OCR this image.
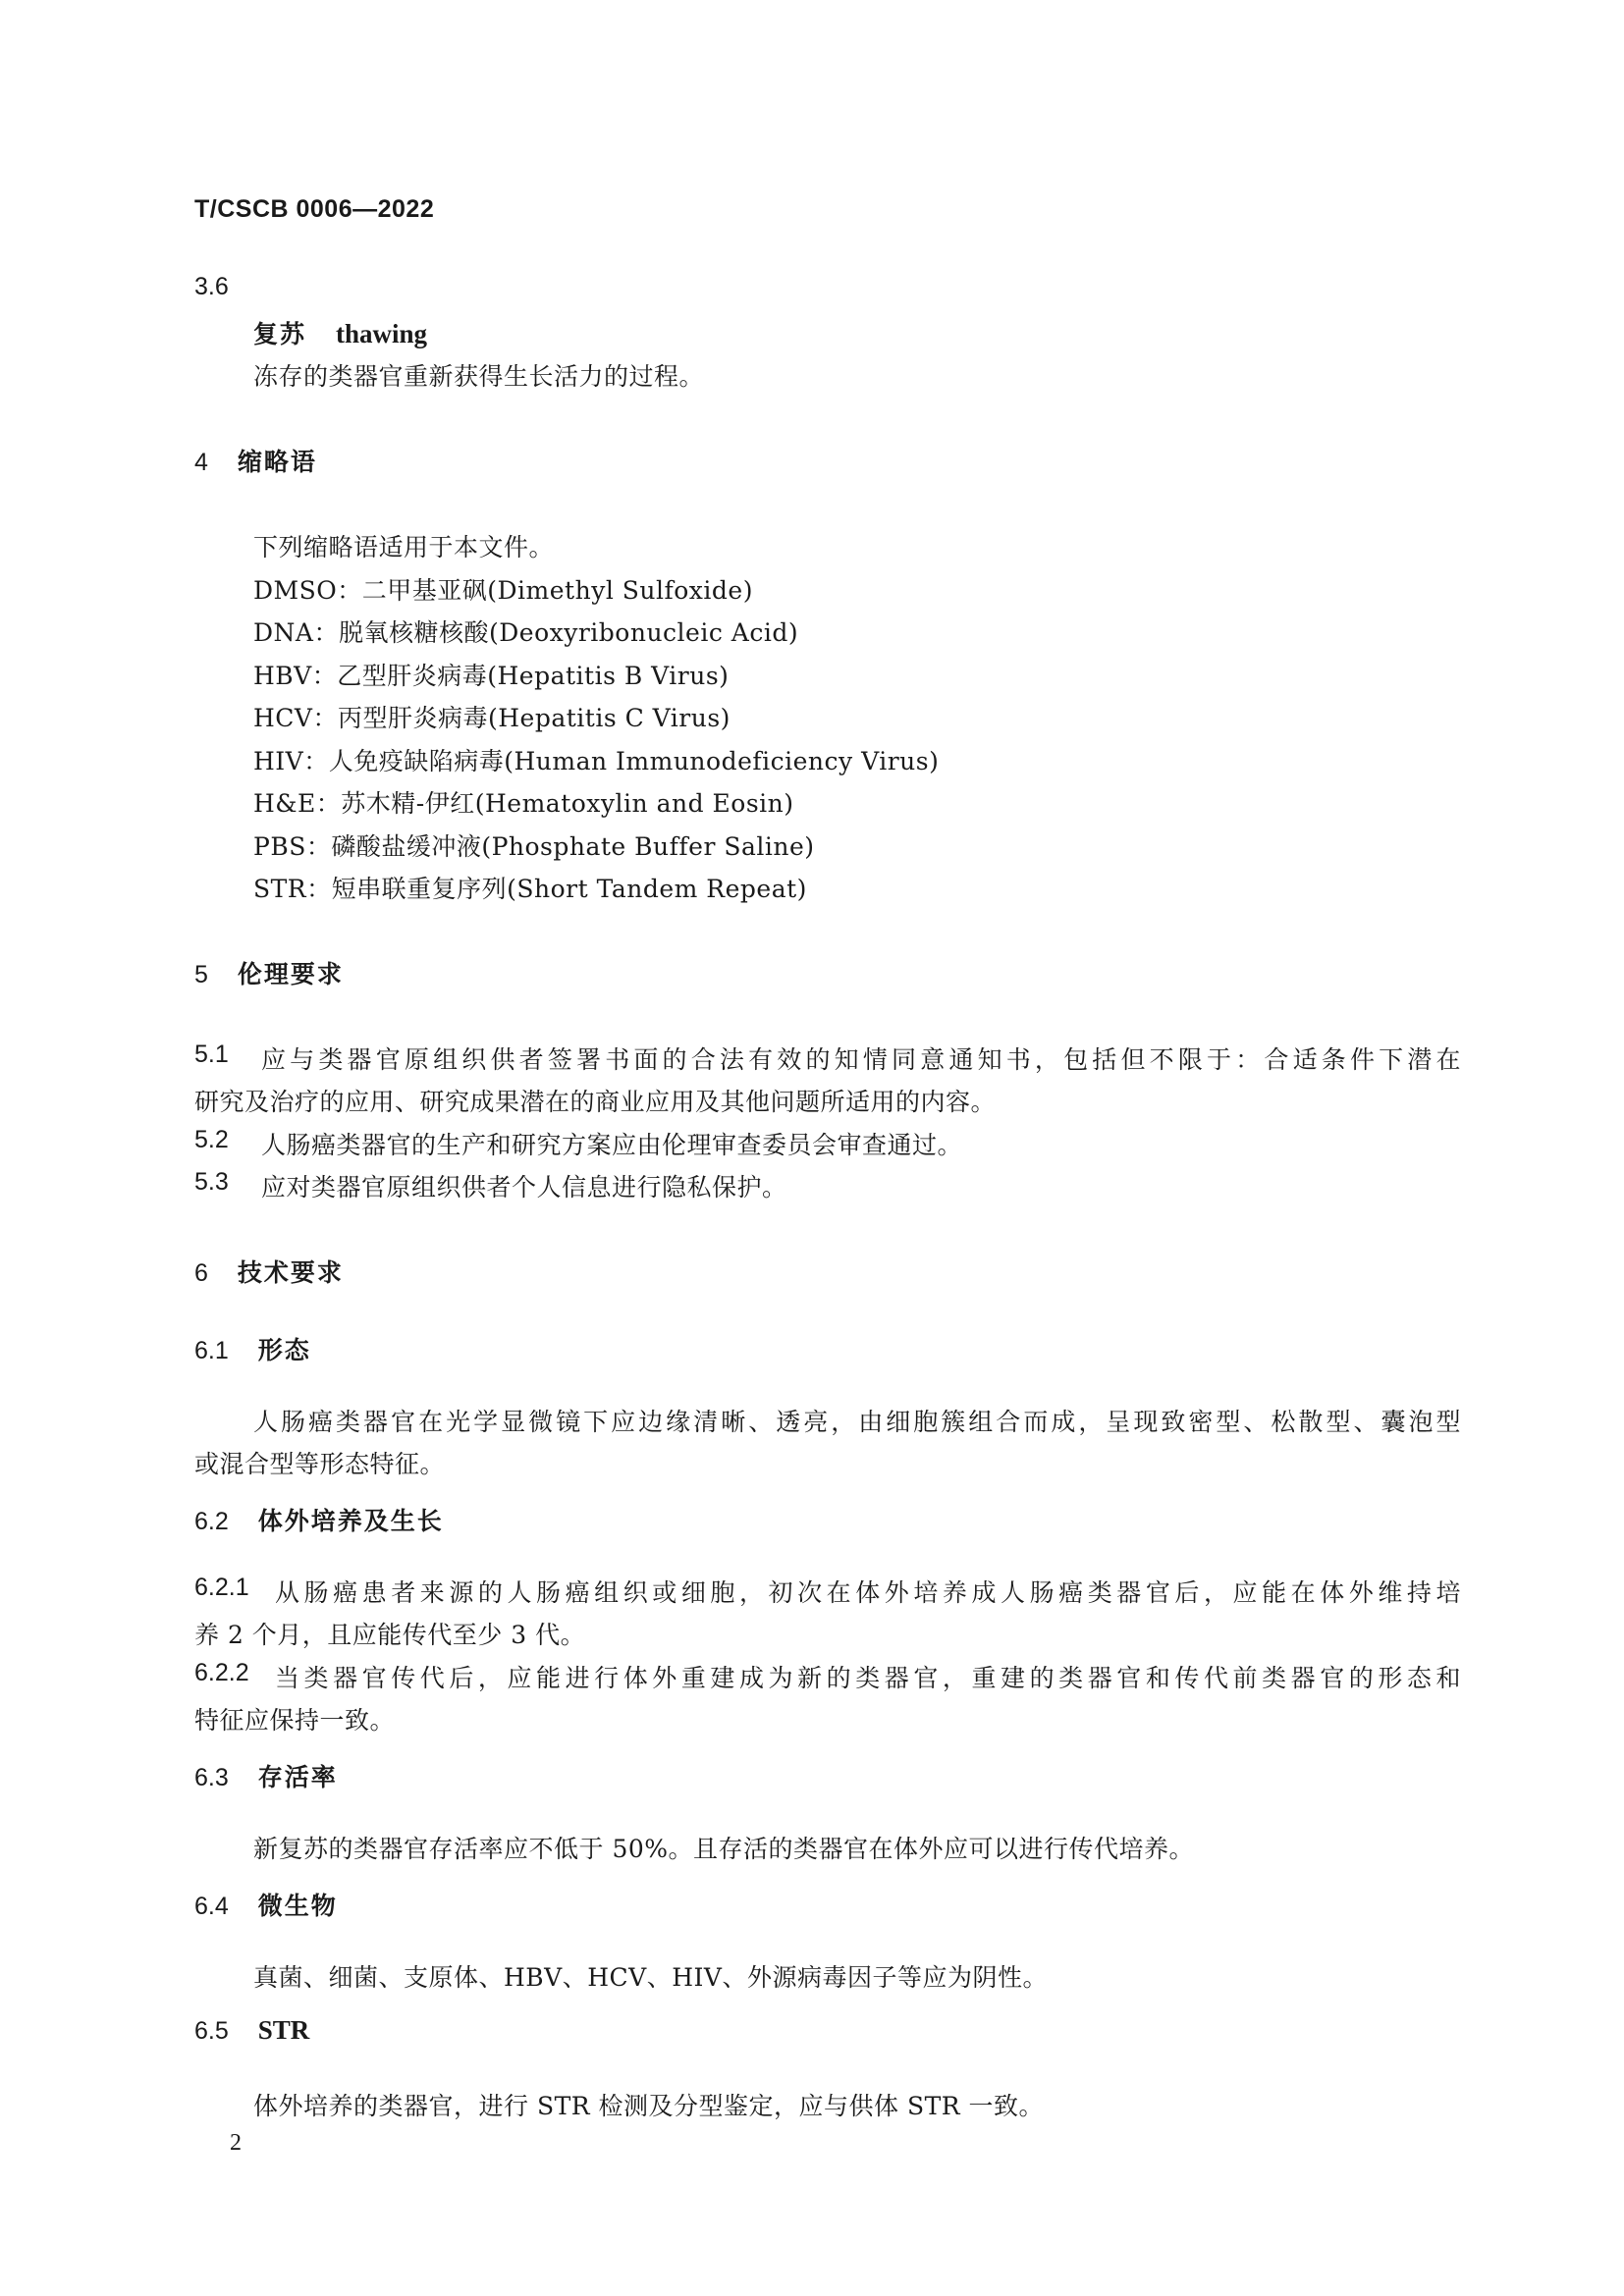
T/CSCB 0006—2022
3.6
复苏 thawing
冻存的类器官重新获得生长活力的过程。
4 缩略语
下列缩略语适用于本文件。
DMSO：二甲基亚砜(Dimethyl Sulfoxide)
DNA：脱氧核糖核酸(Deoxyribonucleic Acid)
HBV：乙型肝炎病毒(Hepatitis B Virus)
HCV：丙型肝炎病毒(Hepatitis C Virus)
HIV：人免疫缺陷病毒(Human Immunodeficiency Virus)
H&E：苏木精-伊红(Hematoxylin and Eosin)
PBS：磷酸盐缓冲液(Phosphate Buffer Saline)
STR：短串联重复序列(Short Tandem Repeat)
5 伦理要求
5.1 应与类器官原组织供者签署书面的合法有效的知情同意通知书，包括但不限于：合适条件下潜在
研究及治疗的应用、研究成果潜在的商业应用及其他问题所适用的内容。
5.2 人肠癌类器官的生产和研究方案应由伦理审查委员会审查通过。
5.3 应对类器官原组织供者个人信息进行隐私保护。
6 技术要求
6.1 形态
人肠癌类器官在光学显微镜下应边缘清晰、透亮，由细胞簇组合而成，呈现致密型、松散型、囊泡型
或混合型等形态特征。
6.2 体外培养及生长
6.2.1 从肠癌患者来源的人肠癌组织或细胞，初次在体外培养成人肠癌类器官后，应能在体外维持培
养 2 个月，且应能传代至少 3 代。
6.2.2 当类器官传代后，应能进行体外重建成为新的类器官，重建的类器官和传代前类器官的形态和
特征应保持一致。
6.3 存活率
新复苏的类器官存活率应不低于 50%。且存活的类器官在体外应可以进行传代培养。
6.4 微生物
真菌、细菌、支原体、HBV、HCV、HIV、外源病毒因子等应为阴性。
6.5 STR
体外培养的类器官，进行 STR 检测及分型鉴定，应与供体 STR 一致。
2
